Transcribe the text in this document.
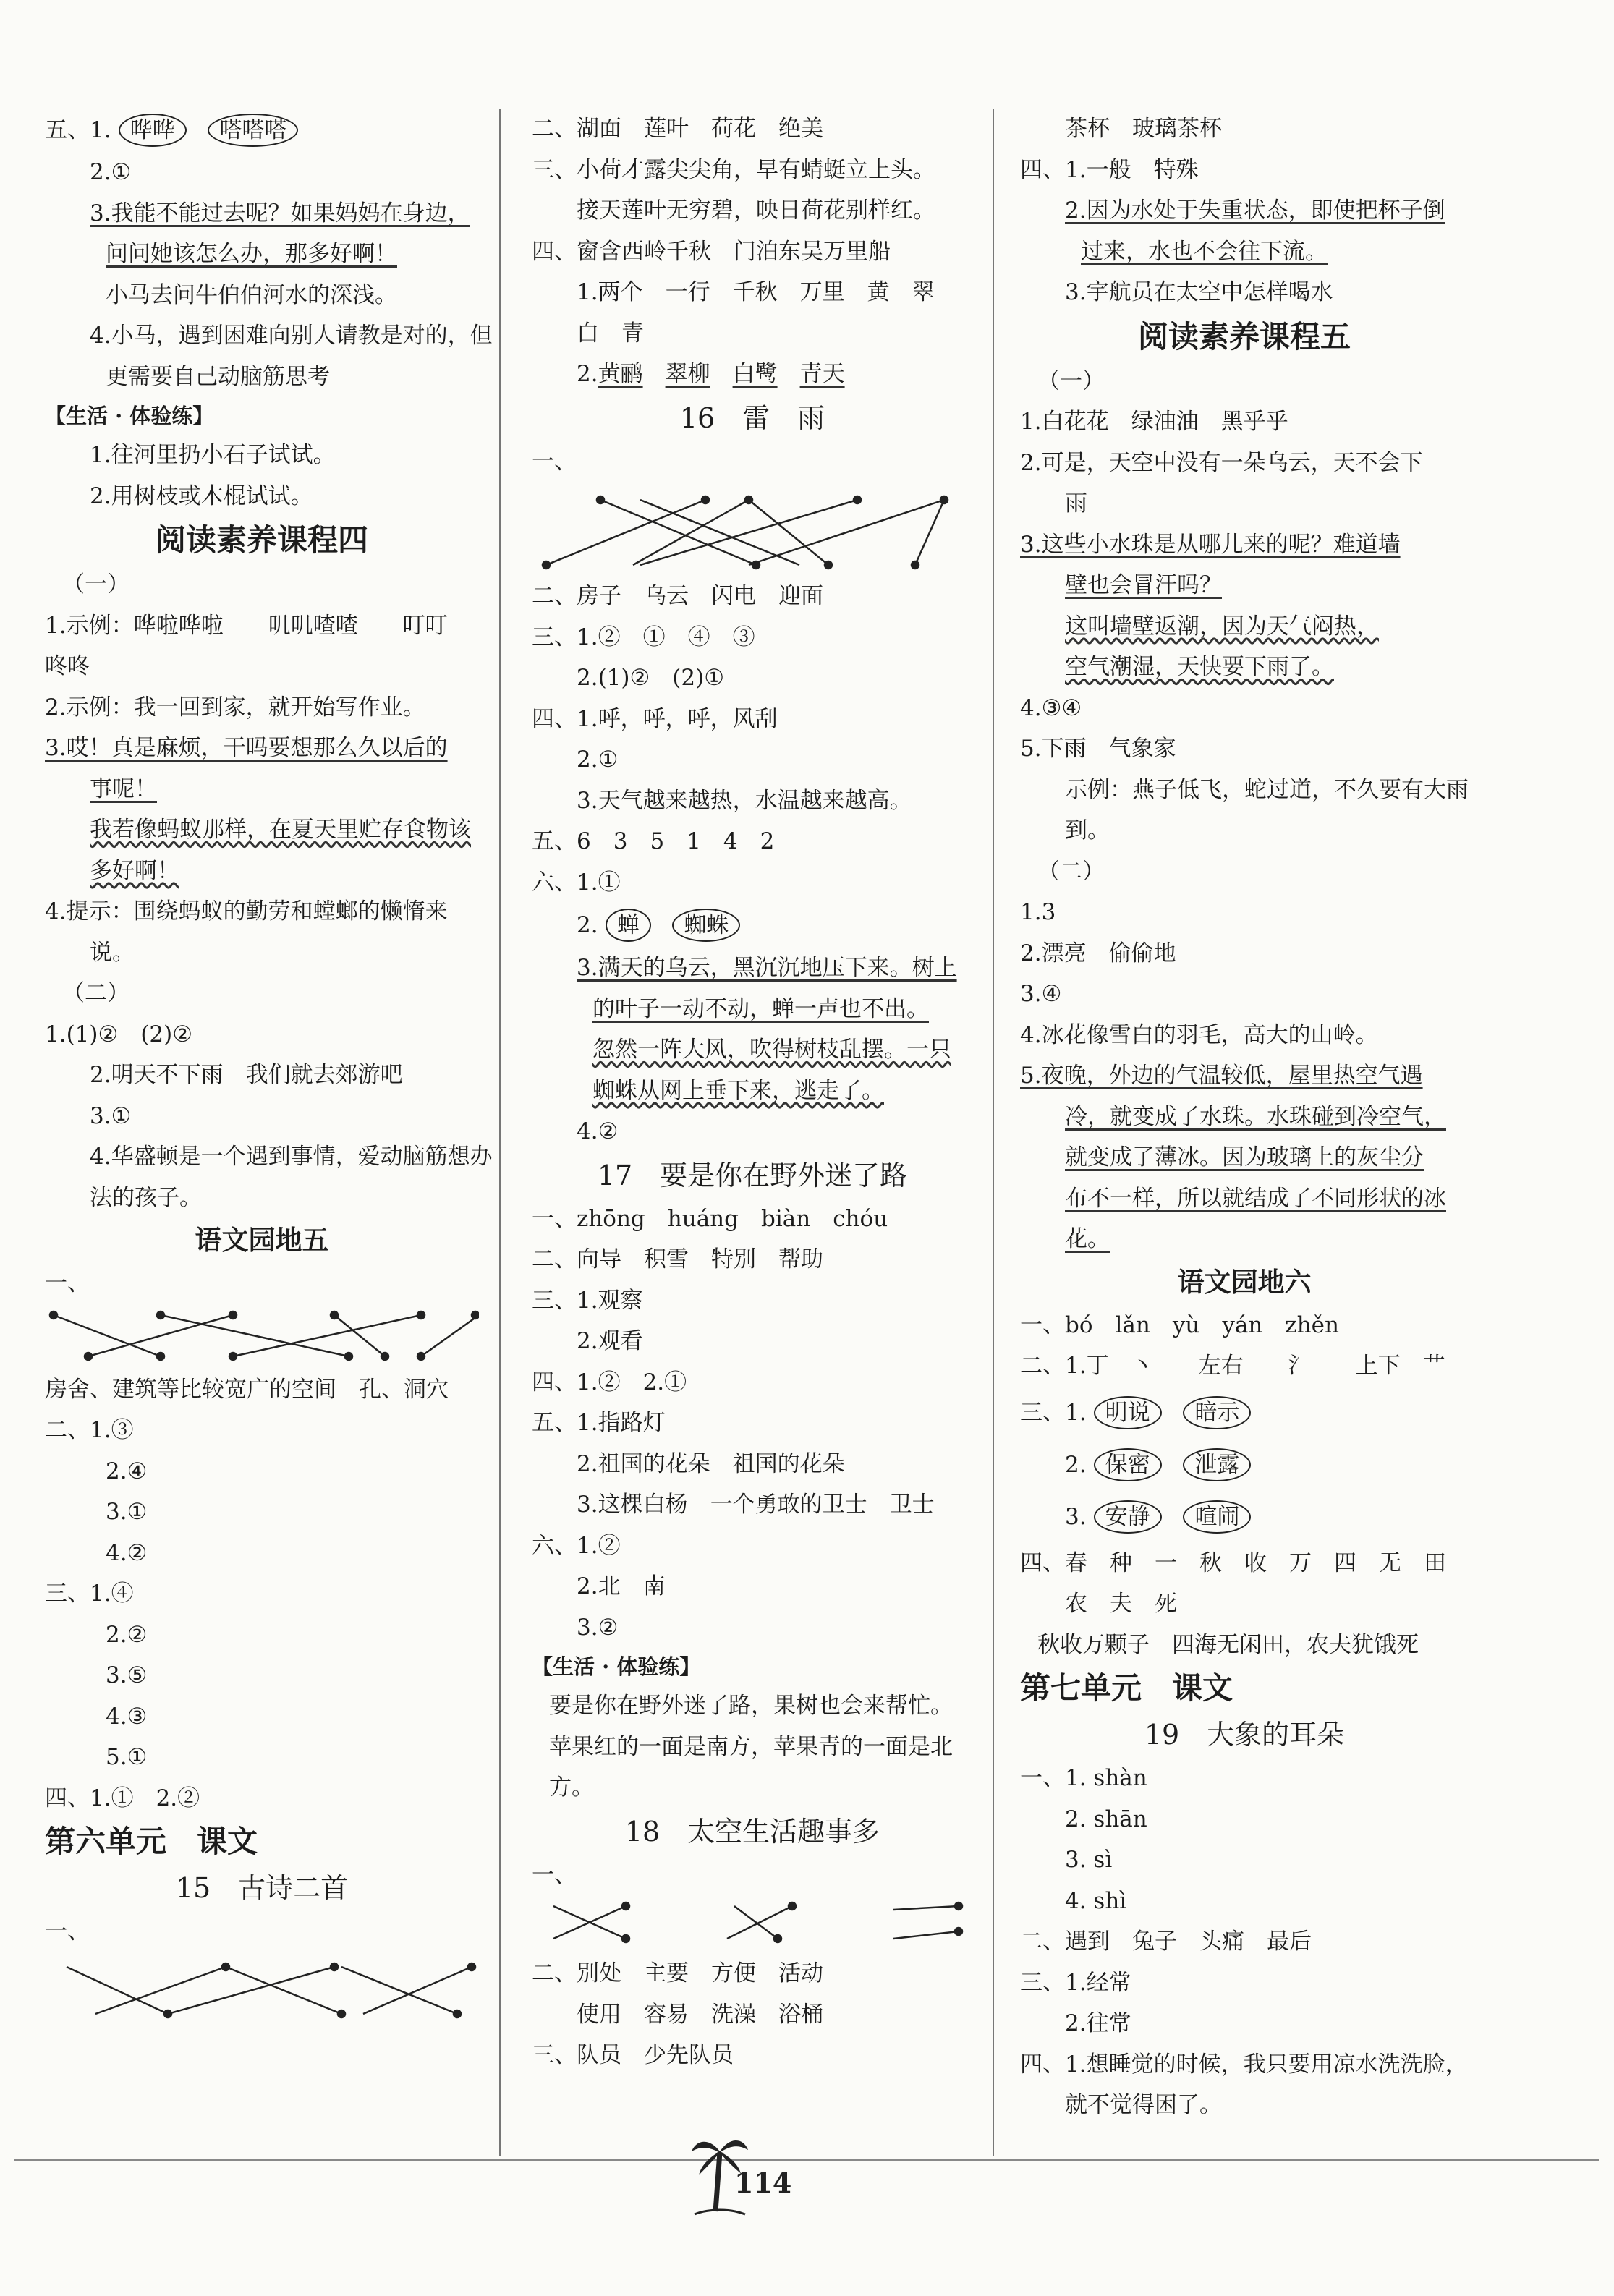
五、1. 哗哗 嗒嗒嗒
2.①
3.我能不能过去呢？如果妈妈在身边，
问问她该怎么办，那多好啊！
小马去问牛伯伯河水的深浅。
4.小马，遇到困难向别人请教是对的，但
更需要自己动脑筋思考
【生活 · 体验练】
1.往河里扔小石子试试。
2.用树枝或木棍试试。
阅读素养课程四
（一）
1.示例：哗啦哗啦　　叽叽喳喳　　叮叮
咚咚
2.示例：我一回到家，就开始写作业。
3.哎！真是麻烦，干吗要想那么久以后的
事呢！
我若像蚂蚁那样，在夏天里贮存食物该
多好啊！
4.提示：围绕蚂蚁的勤劳和螳螂的懒惰来
说。
（二）
1.(1)②　(2)②
2.明天不下雨　我们就去郊游吧
3.①
4.华盛顿是一个遇到事情，爱动脑筋想办
法的孩子。
语文园地五
一、
房舍、建筑等比较宽广的空间　孔、洞穴
二、1.③
2.④
3.①
4.②
三、1.④
2.②
3.⑤
4.③
5.①
四、1.①　2.②
第六单元　课文
15　古诗二首
一、
二、湖面　莲叶　荷花　绝美
三、小荷才露尖尖角，早有蜻蜓立上头。
接天莲叶无穷碧，映日荷花别样红。
四、窗含西岭千秋　门泊东吴万里船
1.两个　一行　千秋　万里　黄　翠
白　青
2.黄鹂　 翠柳　 白鹭　 青天
16　雷　雨
一、
二、房子　乌云　闪电　迎面
三、1.②　①　④　③
2.(1)②　(2)①
四、1.呼，呼，呼，风刮
2.①
3.天气越来越热，水温越来越高。
五、6　3　5　1　4　2
六、1.①
2. 蝉 蜘蛛
3.满天的乌云，黑沉沉地压下来。树上
的叶子一动不动，蝉一声也不出。
忽然一阵大风，吹得树枝乱摆。一只
蜘蛛从网上垂下来，逃走了。
4.②
17　要是你在野外迷了路
一、zhōng　huáng　biàn　chóu
二、向导　积雪　特别　帮助
三、1.观察
2.观看
四、1.②　2.①
五、1.指路灯
2.祖国的花朵　祖国的花朵
3.这棵白杨　一个勇敢的卫士　卫士
六、1.②
2.北　南
3.②
【生活 · 体验练】
要是你在野外迷了路，果树也会来帮忙。
苹果红的一面是南方，苹果青的一面是北
方。
18　太空生活趣事多
一、
二、别处　主要　方便　活动
使用　容易　洗澡　浴桶
三、队员　少先队员
茶杯　玻璃茶杯
四、1.一般　特殊
2.因为水处于失重状态，即使把杯子倒
过来，水也不会往下流。
3.宇航员在太空中怎样喝水
阅读素养课程五
（一）
1.白花花　绿油油　黑乎乎
2.可是，天空中没有一朵乌云，天不会下
雨
3.这些小水珠是从哪儿来的呢？难道墙
壁也会冒汗吗？
这叫墙壁返潮，因为天气闷热，
空气潮湿，天快要下雨了。
4.③④
5.下雨　气象家
示例：燕子低飞，蛇过道，不久要有大雨
到。
（二）
1.3
2.漂亮　偷偷地
3.④
4.冰花像雪白的羽毛，高大的山岭。
5.夜晚，外边的气温较低，屋里热空气遇
冷，就变成了水珠。水珠碰到冷空气，
就变成了薄冰。因为玻璃上的灰尘分
布不一样，所以就结成了不同形状的冰
花。
语文园地六
一、bó　lǎn　yù　yán　zhěn
二、1.丁　丶　　左右　　氵　　上下　艹
三、1. 明说 暗示
2. 保密 泄露
3. 安静 喧闹
四、春　种　一　秋　收　万　四　无　田
农　夫　死
秋收万颗子　四海无闲田，农夫犹饿死
第七单元　课文
19　大象的耳朵
一、1. shàn
2. shān
3. sì
4. shì
二、遇到　兔子　头痛　最后
三、1.经常
2.往常
四、1.想睡觉的时候，我只要用凉水洗洗脸，
就不觉得困了。
114
